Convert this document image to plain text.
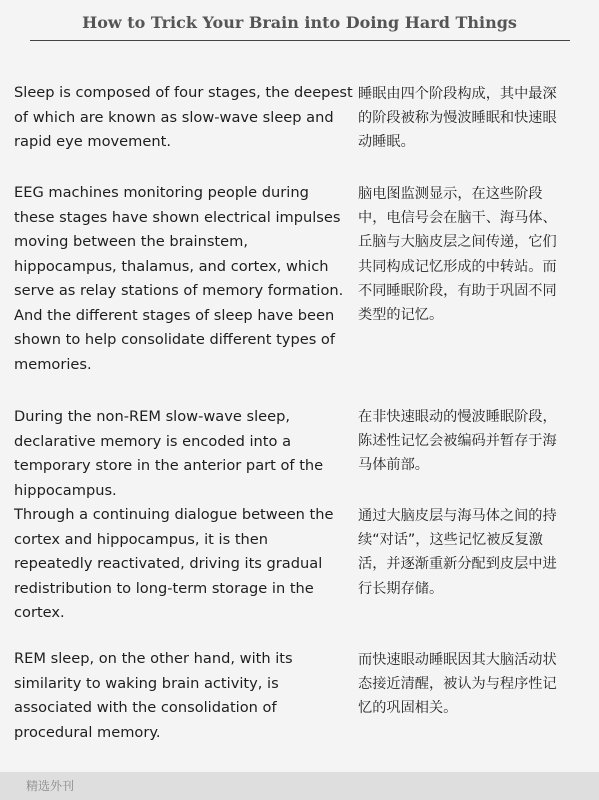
How to Trick Your Brain into Doing Hard Things
Sleep is composed of four stages, the deepest
of which are known as slow-wave sleep and
rapid eye movement.
睡眠由四个阶段构成，其中最深
的阶段被称为慢波睡眠和快速眼
动睡眠。
EEG machines monitoring people during
these stages have shown electrical impulses
moving between the brainstem,
hippocampus, thalamus, and cortex, which
serve as relay stations of memory formation.
And the different stages of sleep have been
shown to help consolidate different types of
memories.
脑电图监测显示，在这些阶段
中，电信号会在脑干、海马体、
丘脑与大脑皮层之间传递，它们
共同构成记忆形成的中转站。而
不同睡眠阶段，有助于巩固不同
类型的记忆。
During the non-REM slow-wave sleep,
declarative memory is encoded into a
temporary store in the anterior part of the
hippocampus.
在非快速眼动的慢波睡眠阶段，
陈述性记忆会被编码并暂存于海
马体前部。
Through a continuing dialogue between the
cortex and hippocampus, it is then
repeatedly reactivated, driving its gradual
redistribution to long-term storage in the
cortex.
通过大脑皮层与海马体之间的持
续“对话”，这些记忆被反复激
活，并逐渐重新分配到皮层中进
行长期存储。
REM sleep, on the other hand, with its
similarity to waking brain activity, is
associated with the consolidation of
procedural memory.
而快速眼动睡眠因其大脑活动状
态接近清醒，被认为与程序性记
忆的巩固相关。
精选外刊
